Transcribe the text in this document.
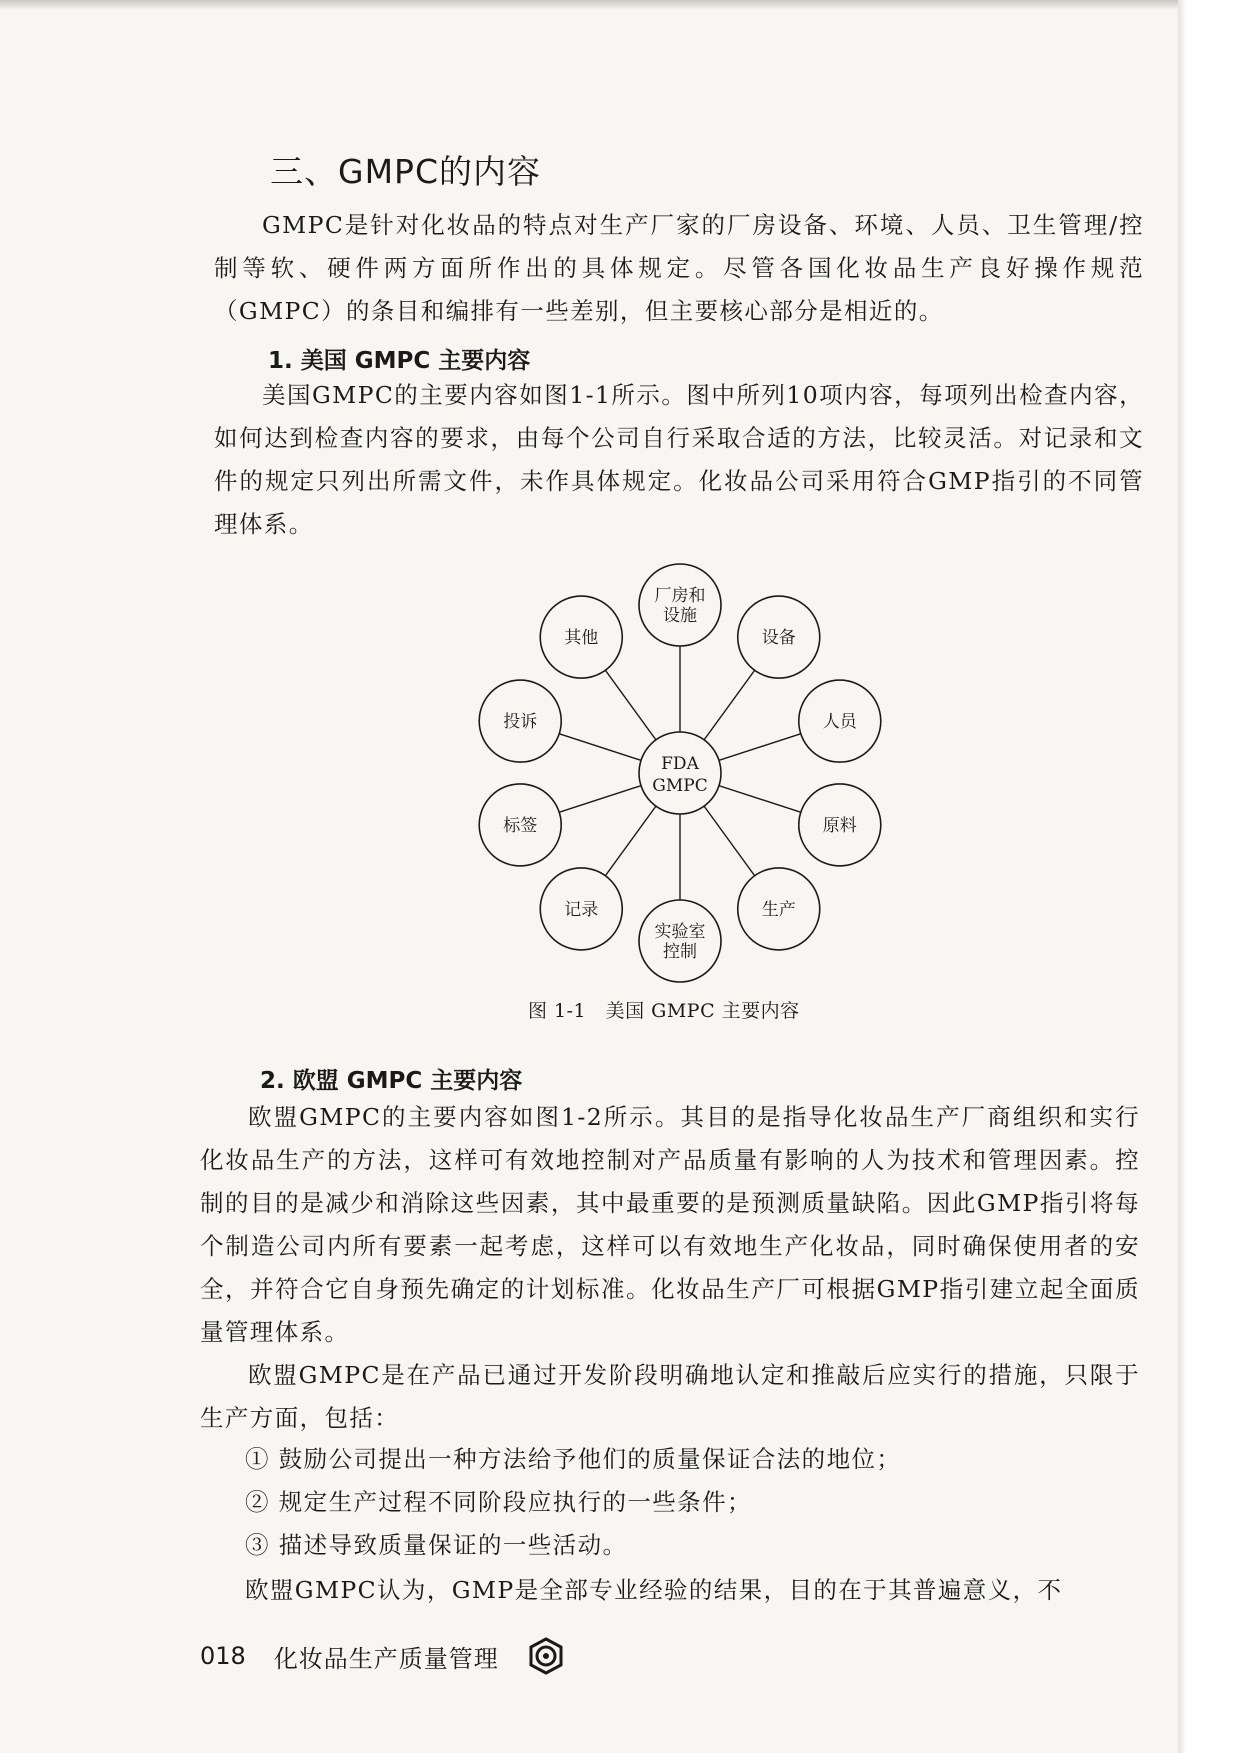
三、GMPC的内容

GMPC是针对化妆品的特点对生产厂家的厂房设备、环境、人员、卫生管理/控制等软、硬件两方面所作出的具体规定。尽管各国化妆品生产良好操作规范（GMPC）的条目和编排有一些差别，但主要核心部分是相近的。

1. 美国 GMPC 主要内容

美国GMPC的主要内容如图1-1所示。图中所列10项内容，每项列出检查内容，如何达到检查内容的要求，由每个公司自行采取合适的方法，比较灵活。对记录和文件的规定只列出所需文件，未作具体规定。化妆品公司采用符合GMP指引的不同管理体系。

厂房和
设施
设备
人员
原料
生产
实验室
控制
记录
标签
投诉
其他
FDA
GMPC
图 1-1　美国 GMPC 主要内容
2. 欧盟 GMPC 主要内容

欧盟GMPC的主要内容如图1-2所示。其目的是指导化妆品生产厂商组织和实行化妆品生产的方法，这样可有效地控制对产品质量有影响的人为技术和管理因素。控制的目的是减少和消除这些因素，其中最重要的是预测质量缺陷。因此GMP指引将每个制造公司内所有要素一起考虑，这样可以有效地生产化妆品，同时确保使用者的安全，并符合它自身预先确定的计划标准。化妆品生产厂可根据GMP指引建立起全面质量管理体系。

欧盟GMPC是在产品已通过开发阶段明确地认定和推敲后应实行的措施，只限于生产方面，包括：

① 鼓励公司提出一种方法给予他们的质量保证合法的地位；

② 规定生产过程不同阶段应执行的一些条件；

③ 描述导致质量保证的一些活动。

欧盟GMPC认为，GMP是全部专业经验的结果，目的在于其普遍意义，不

018 化妆品生产质量管理
